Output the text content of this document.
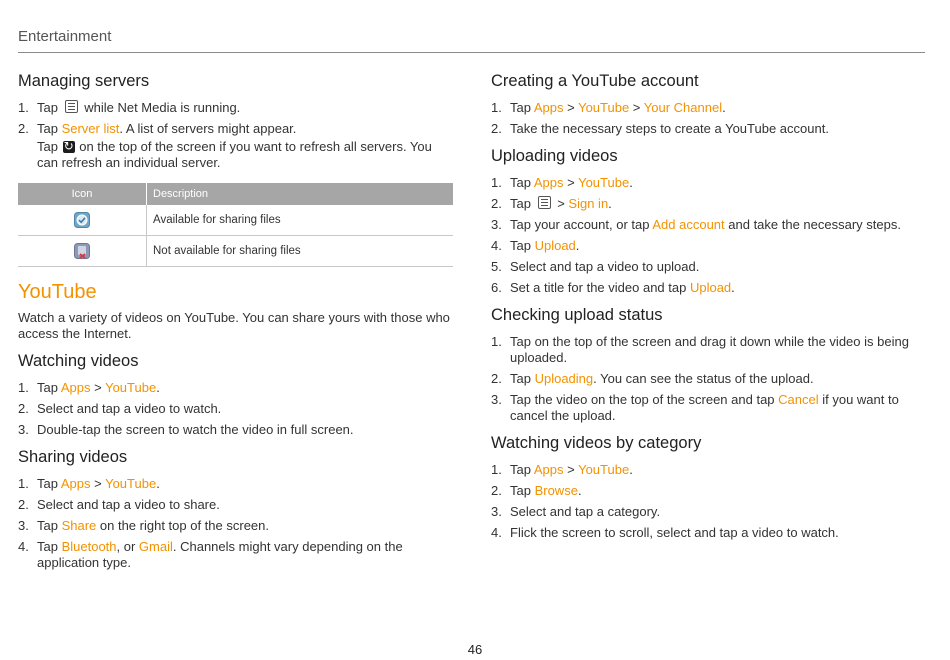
Entertainment
Managing servers
1. Tap while Net Media is running.
2. Tap Server list. A list of servers might appear.
Tap ↻ on the top of the screen if you want to refresh all servers. You can refresh an individual server.
Icon	Description
	Available for sharing files
	Not available for sharing files
YouTube

Watch a variety of videos on YouTube. You can share yours with those who access the Internet.

Watching videos
1. Tap Apps > YouTube.
2. Select and tap a video to watch.
3. Double-tap the screen to watch the video in full screen.
Sharing videos
1. Tap Apps > YouTube.
2. Select and tap a video to share.
3. Tap Share on the right top of the screen.
4. Tap Bluetooth, or Gmail. Channels might vary depending on the application type.
Creating a YouTube account
1. Tap Apps > YouTube > Your Channel.
2. Take the necessary steps to create a YouTube account.
Uploading videos
1. Tap Apps > YouTube.
2. Tap  > Sign in.
3. Tap your account, or tap Add account and take the necessary steps.
4. Tap Upload.
5. Select and tap a video to upload.
6. Set a title for the video and tap Upload.
Checking upload status
1. Tap on the top of the screen and drag it down while the video is being uploaded.
2. Tap Uploading. You can see the status of the upload.
3. Tap the video on the top of the screen and tap Cancel if you want to cancel the upload.
Watching videos by category
1. Tap Apps > YouTube.
2. Tap Browse.
3. Select and tap a category.
4. Flick the screen to scroll, select and tap a video to watch.
46
